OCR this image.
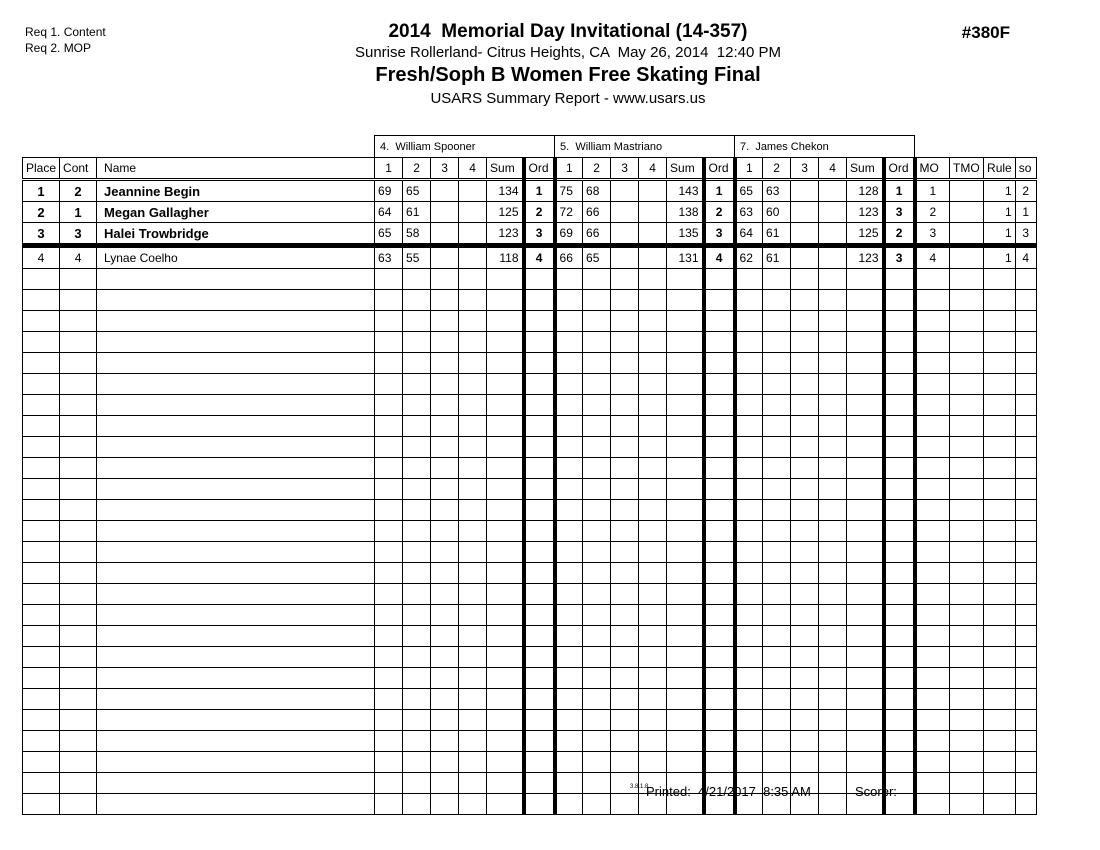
Req 1. Content
Req 2. MOP
2014  Memorial Day Invitational (14-357)
Sunrise Rollerland- Citrus Heights, CA  May 26, 2014  12:40 PM
Fresh/Soph B Women Free Skating Final
USARS Summary Report - www.usars.us
#380F
			4.  William Spooner						5.  William Mastriano						7.  James Chekon									
Place	Cont	Name	1	2	3	4	Sum	Ord	1	2	3	4	Sum	Ord	1	2	3	4	Sum	Ord	MO	TMO	Rule	so
1	2	Jeannine Begin	69	65			134	1	75	68			143	1	65	63			128	1	1		1	2
2	1	Megan Gallagher	64	61			125	2	72	66			138	2	63	60			123	3	2		1	1
3	3	Halei Trowbridge	65	58			123	3	69	66			135	3	64	61			125	2	3		1	3
4	4	Lynae Coelho	63	55			118	4	66	65			131	4	62	61			123	3	4		1	4

3.8.1.8
Printed:  4/21/2017  8:35 AM	Scorer:
